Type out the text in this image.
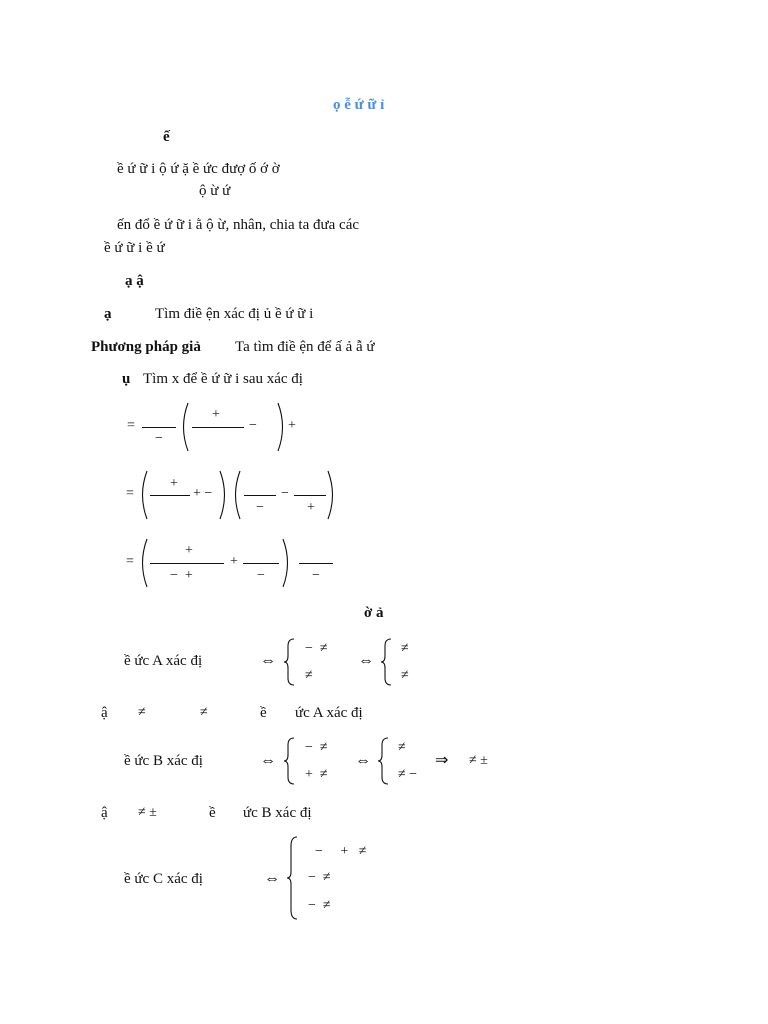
ọ ễ ứ ữ ỉ
ế
ề ứ ữ i ộ ứ ặ ề ức đượ ố ớ ờ
ộ ừ ứ
ến đổ ề ứ ữ i ằ ộ ừ, nhân, chia ta đưa các
ề ứ ữ i ề ứ
ạ ậ
ạ	Tìm điề ện xác đị ủ ề ứ ữ i
Phương pháp giả Ta tìm điề ện để ấ ả ẫ ứ
ụ Tìm x để ề ứ ữ i sau xác đị
=
−
+
− +
=
+
+ −
−
−
+
=
+
−  +
+
−	−
ờ ả
ề ức A xác đị	⇔
−  ≠
≠
⇔
≠
≠
ậ ≠	≠	ề ức A xác đị
ề ức B xác đị	⇔
−  ≠
+  ≠
⇔
≠
≠ −
⇒ ≠ ±
ậ ≠ ±	ề ức B xác đị
ề ức C xác đị	⇔
−     +   ≠
−  ≠
−  ≠
